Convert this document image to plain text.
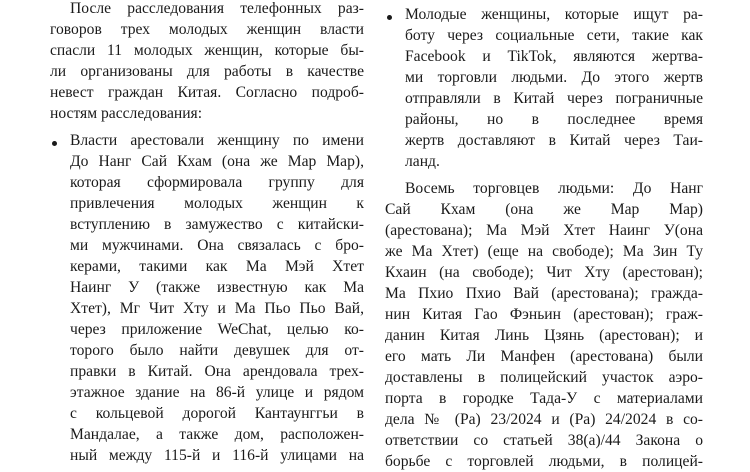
После расследования телефонных раз-
говоров трех молодых женщин власти
спасли 11 молодых женщин, которые бы-
ли организованы для работы в качестве
невест граждан Китая. Согласно подроб-
ностям расследования:
Власти арестовали женщину по имени
До Нанг Сай Кхам (она же Мар Мар),
которая сформировала группу для
привлечения молодых женщин к
вступлению в замужество с китайски-
ми мужчинами. Она связалась с бро-
керами, такими как Ма Мэй Хтет
Наинг У (также известную как Ма
Хтет), Мг Чит Хту и Ма Пьо Пьо Вай,
через приложение WeChat, целью ко-
торого было найти девушек для от-
правки в Китай. Она арендовала трех-
этажное здание на 86-й улице и рядом
с кольцевой дорогой Кантаунггьи в
Мандалае, а также дом, расположен-
ный между 115-й и 116-й улицами на
Молодые женщины, которые ищут ра-
боту через социальные сети, такие как
Facebook и TikTok, являются жертва-
ми торговли людьми. До этого жертв
отправляли в Китай через пограничные
районы, но в последнее время
жертв доставляют в Китай через Таи-
ланд.
Восемь торговцев людьми: До Нанг
Сай Кхам (она же Мар Мар)
(арестована); Ма Мэй Хтет Наинг У(она
же Ма Хтет) (еще на свободе); Ма Зин Ту
Кхаин (на свободе); Чит Хту (арестован);
Ма Пхио Пхио Вай (арестована); гражда-
нин Китая Гао Фэньин (арестован); граж-
данин Китая Линь Цзянь (арестован); и
его мать Ли Манфен (арестована) были
доставлены в полицейский участок аэро-
порта в городке Тада-У с материалами
дела № (Ра) 23/2024 и (Ра) 24/2024 в со-
ответствии со статьей 38(а)/44 Закона о
борьбе с торговлей людьми, в полицей-
